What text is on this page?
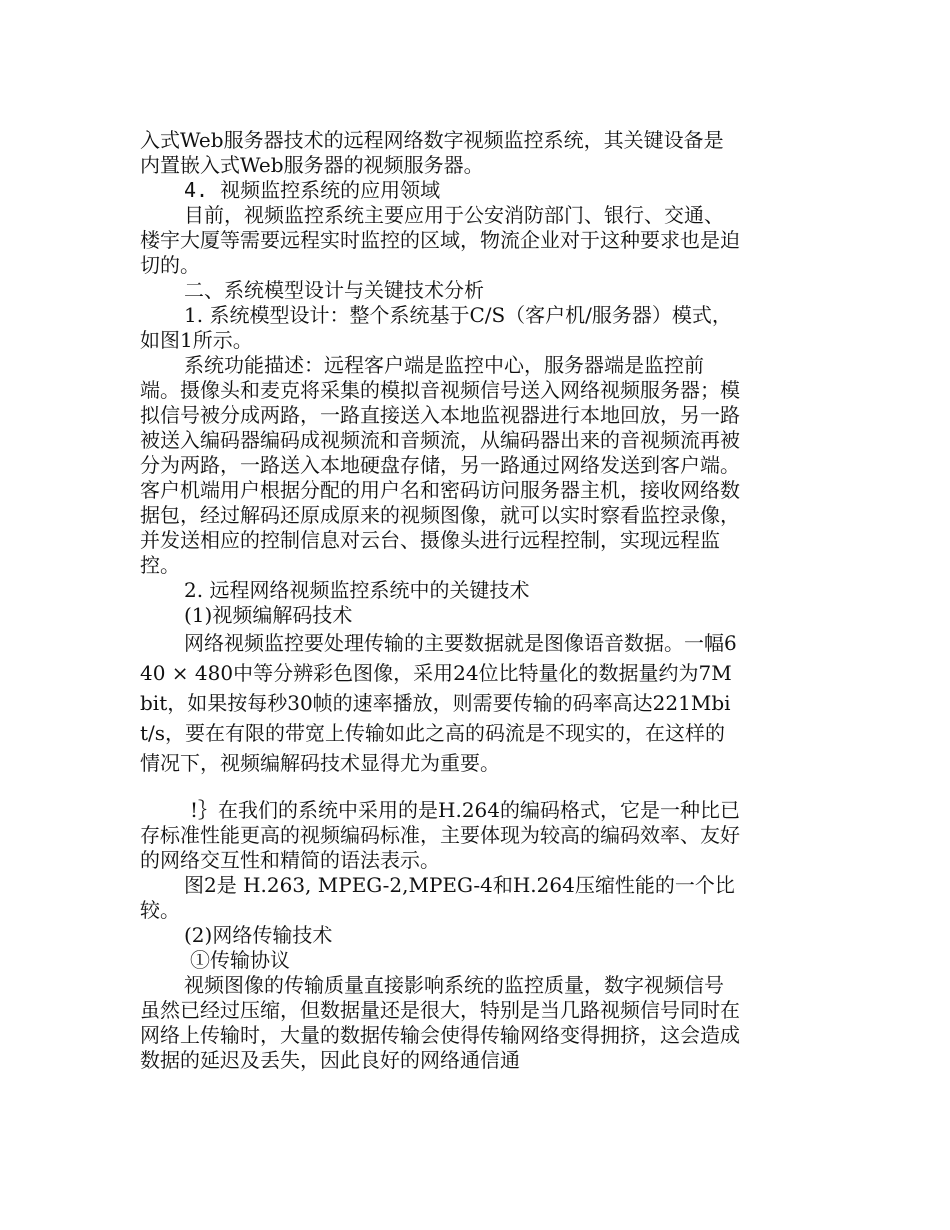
入式Web服务器技术的远程网络数字视频监控系统，其关键设备是内置嵌入式Web服务器的视频服务器。

4. 视频监控系统的应用领域

目前，视频监控系统主要应用于公安消防部门、银行、交通、楼宇大厦等需要远程实时监控的区域，物流企业对于这种要求也是迫切的。

二、系统模型设计与关键技术分析

1. 系统模型设计：整个系统基于C/S（客户机/服务器）模式，如图1所示。

系统功能描述：远程客户端是监控中心，服务器端是监控前端。摄像头和麦克将采集的模拟音视频信号送入网络视频服务器；模拟信号被分成两路，一路直接送入本地监视器进行本地回放，另一路被送入编码器编码成视频流和音频流，从编码器出来的音视频流再被分为两路，一路送入本地硬盘存储，另一路通过网络发送到客户端。客户机端用户根据分配的用户名和密码访问服务器主机，接收网络数据包，经过解码还原成原来的视频图像，就可以实时察看监控录像，并发送相应的控制信息对云台、摄像头进行远程控制，实现远程监控。

2. 远程网络视频监控系统中的关键技术

(1)视频编解码技术

网络视频监控要处理传输的主要数据就是图像语音数据。一幅640 × 480中等分辨彩色图像，采用24位比特量化的数据量约为7Mbit，如果按每秒30帧的速率播放，则需要传输的码率高达221Mbit/s，要在有限的带宽上传输如此之高的码流是不现实的，在这样的情况下，视频编解码技术显得尤为重要。

!｝在我们的系统中采用的是H.264的编码格式，它是一种比已存标准性能更高的视频编码标准，主要体现为较高的编码效率、友好的网络交互性和精简的语法表示。

图2是 H.263, MPEG-2,MPEG-4和H.264压缩性能的一个比较。

(2)网络传输技术

①传输协议

视频图像的传输质量直接影响系统的监控质量，数字视频信号虽然已经过压缩，但数据量还是很大，特别是当几路视频信号同时在网络上传输时，大量的数据传输会使得传输网络变得拥挤，这会造成数据的延迟及丢失，因此良好的网络通信通
